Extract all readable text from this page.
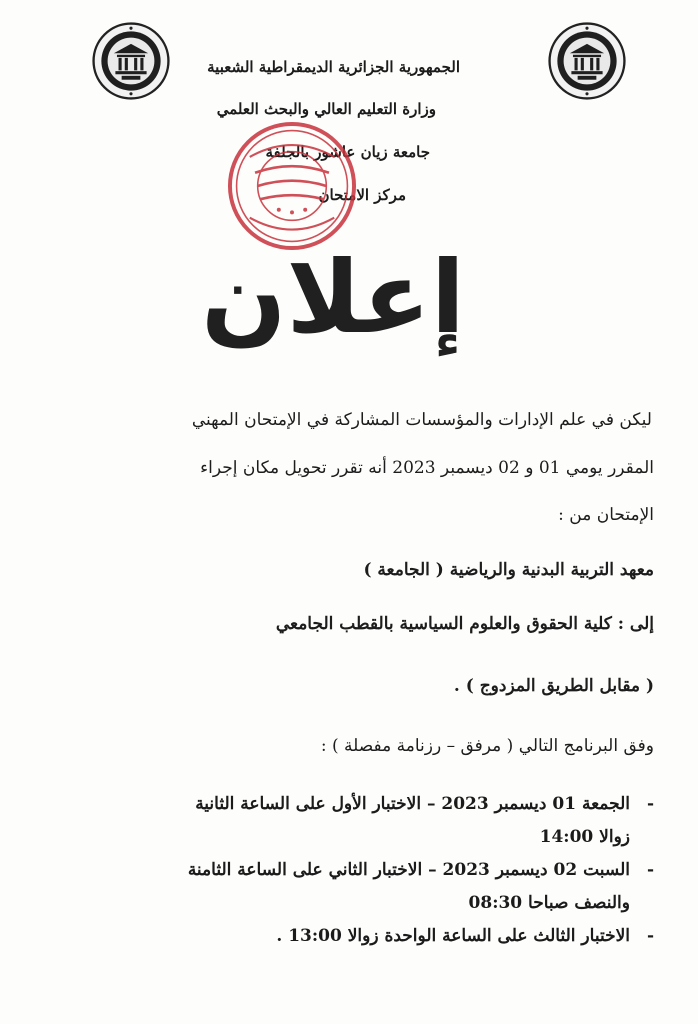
الجمهورية الجزائرية الديمقراطية الشعبية
وزارة التعليم العالي والبحث العلمي
جامعة زيان عاشور بالجلفة
مركز الامتحان
إعلان
ليكن في علم الإدارات والمؤسسات المشاركة في الإمتحان المهني
المقرر يومي 01 و 02 ديسمبر 2023 أنه تقرر تحويل مكان إجراء
الإمتحان من :
معهد التربية البدنية والرياضية ( الجامعة )
إلى : كلية الحقوق والعلوم السياسية بالقطب الجامعي
( مقابل الطريق المزدوج ) .
وفق البرنامج التالي ( مرفق – رزنامة مفصلة ) :
-
الجمعة 01 ديسمبر 2023 – الاختبار الأول على الساعة الثانية
زوالا 14:00
-
السبت 02 ديسمبر 2023 – الاختبار الثاني على الساعة الثامنة
والنصف صباحا 08:30
-
الاختبار الثالث على الساعة الواحدة زوالا 13:00 .
